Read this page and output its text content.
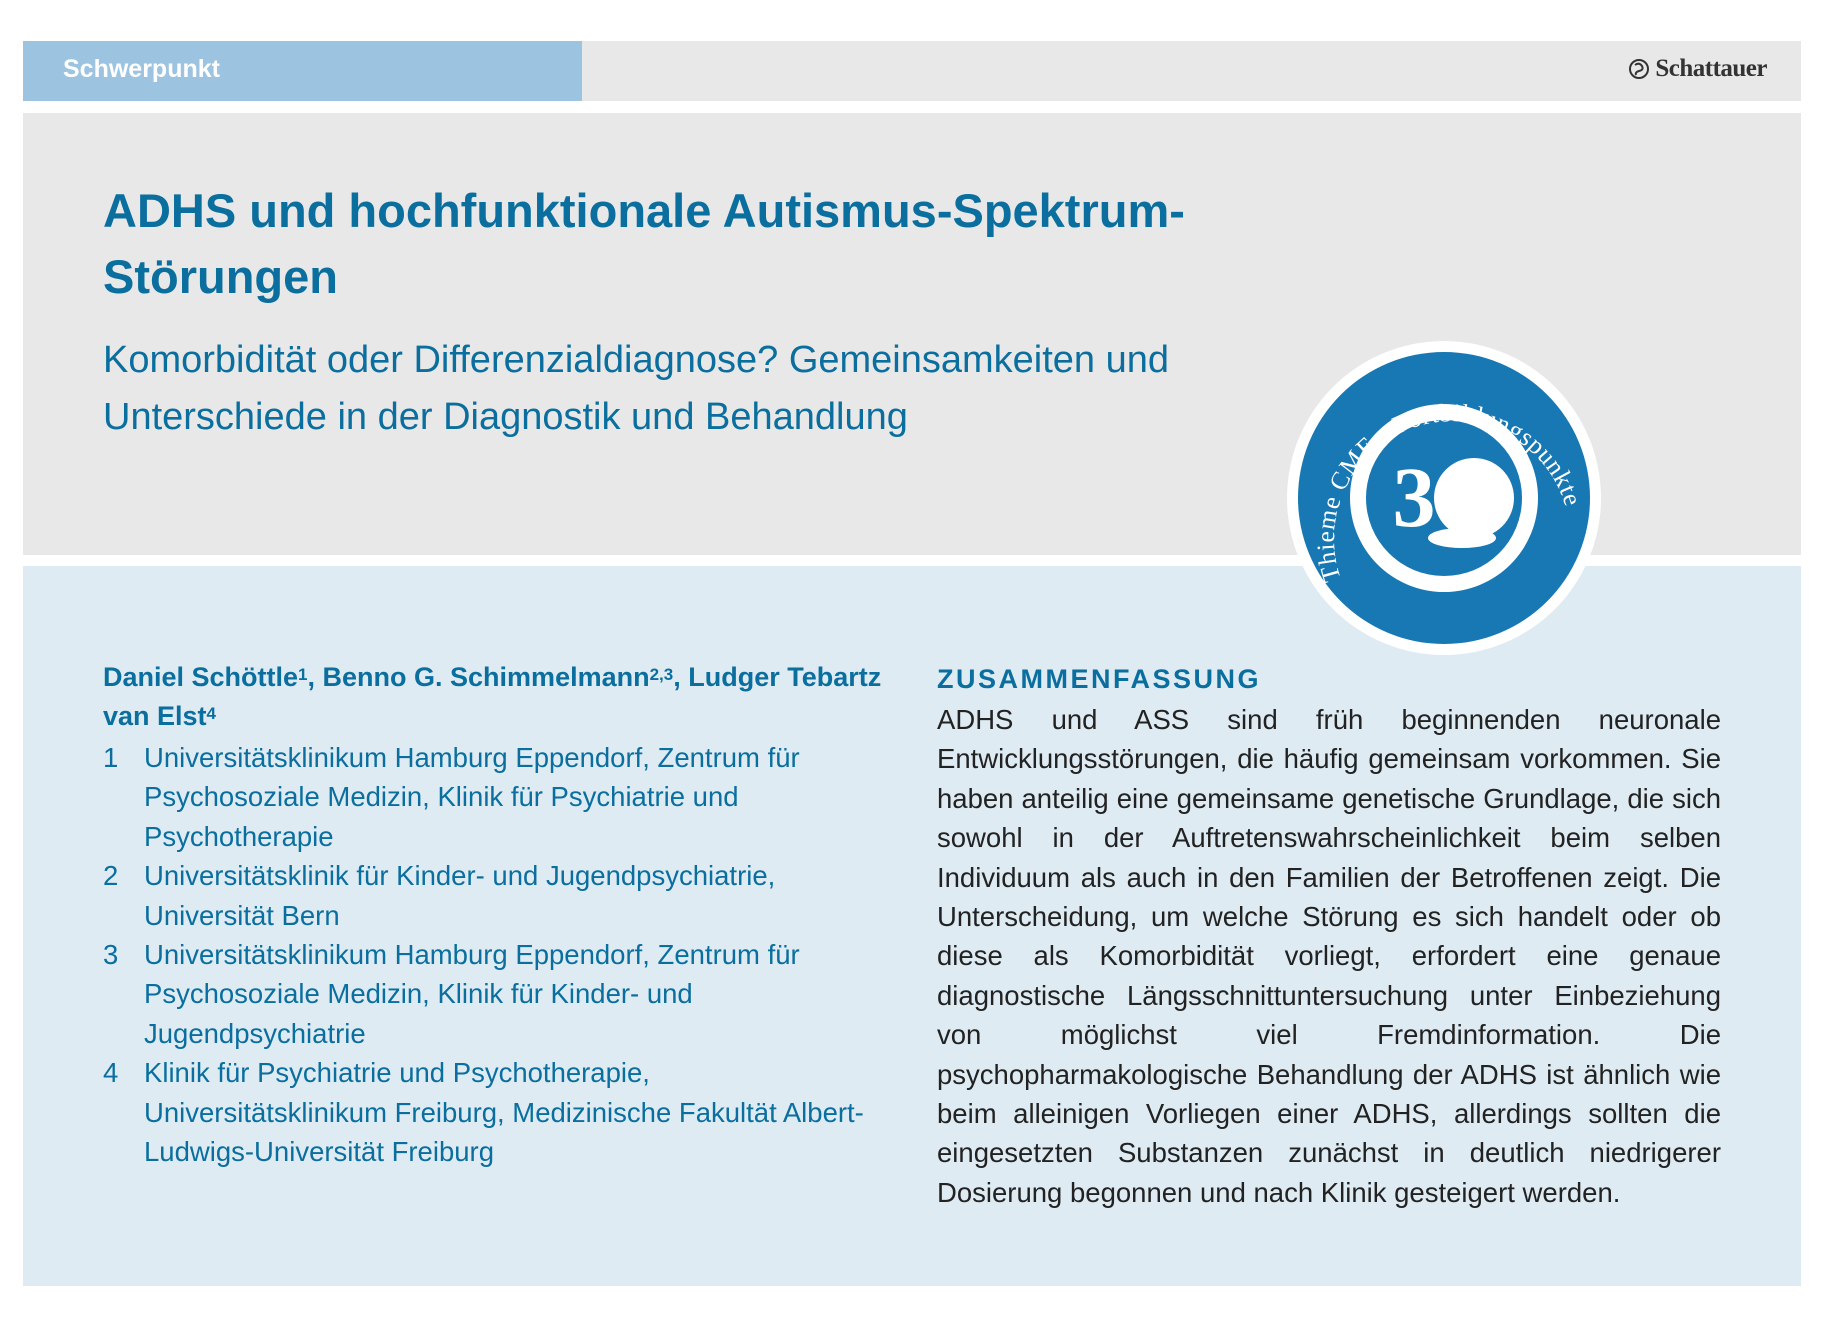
Schwerpunkt	Schattauer
ADHS und hochfunktionale Autismus-Spektrum-Störungen

Komorbidität oder Differenzialdiagnose? Gemeinsamkeiten und Unterschiede in der Diagnostik und Behandlung

Daniel Schöttle$^1$, Benno G. Schimmelmann$^{2,3}$, Ludger Tebartz van Elst$^4$

1 Universitätsklinikum Hamburg Eppendorf, Zentrum für Psychosoziale Medizin, Klinik für Psychiatrie und Psychotherapie
2 Universitätsklinik für Kinder- und Jugendpsychiatrie, Universität Bern
3 Universitätsklinikum Hamburg Eppendorf, Zentrum für Psychosoziale Medizin, Klinik für Kinder- und Jugendpsychiatrie
4 Klinik für Psychiatrie und Psychotherapie, Universitätsklinikum Freiburg, Medizinische Fakultät Albert-Ludwigs-Universität Freiburg
ZUSAMMENFASSUNG

ADHS und ASS sind früh beginnenden neuronale Entwicklungsstörungen, die häufig gemeinsam vorkommen. Sie haben anteilig eine gemeinsame genetische Grundlage, die sich sowohl in der Auftretenswahrscheinlichkeit beim selben Individuum als auch in den Familien der Betroffenen zeigt. Die Unterscheidung, um welche Störung es sich handelt oder ob diese als Komorbidität vorliegt, erfordert eine genaue diagnostische Längsschnittuntersuchung unter Einbeziehung von möglichst viel Fremdinformation. Die psychopharmakologische Behandlung der ADHS ist ähnlich wie beim alleinigen Vorliegen einer ADHS, allerdings sollten die eingesetzten Substanzen zunächst in deutlich niedrigerer Dosierung begonnen und nach Klinik gesteigert werden.

Thieme CME · Fortbildungspunkte
3
